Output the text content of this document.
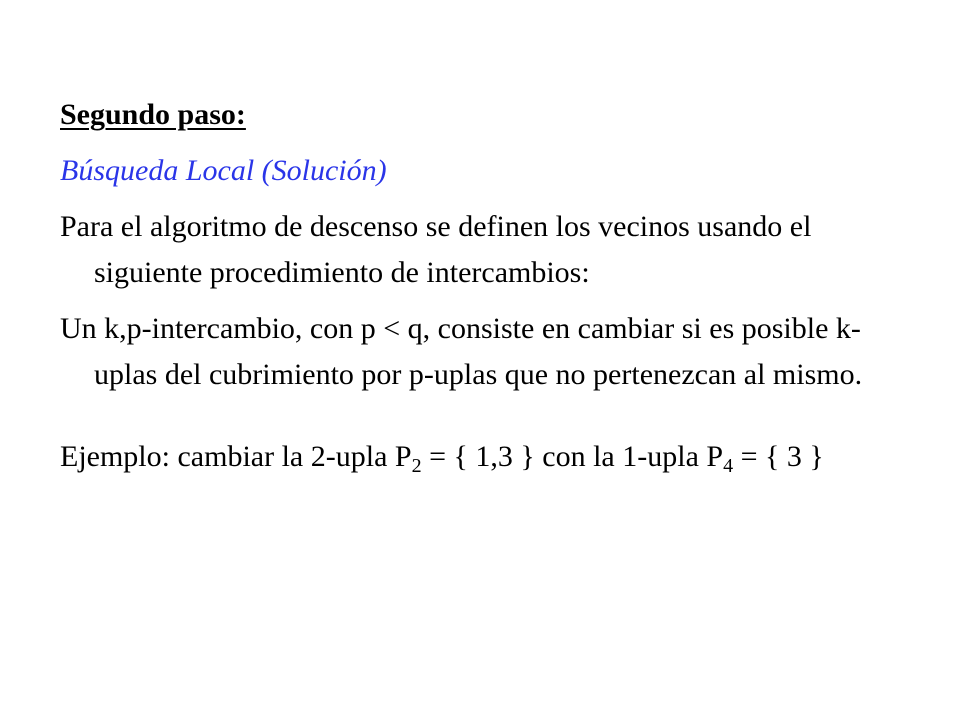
Segundo paso:

Búsqueda Local (Solución)

Para el algoritmo de descenso se definen los vecinos usando el siguiente procedimiento de intercambios:

Un k,p-intercambio, con p < q, consiste en cambiar si es posible k-uplas del cubrimiento por p-uplas que no pertenezcan al mismo.

Ejemplo: cambiar la 2-upla $P_2$ = { 1,3 } con la 1-upla $P_4$ = { 3 }
